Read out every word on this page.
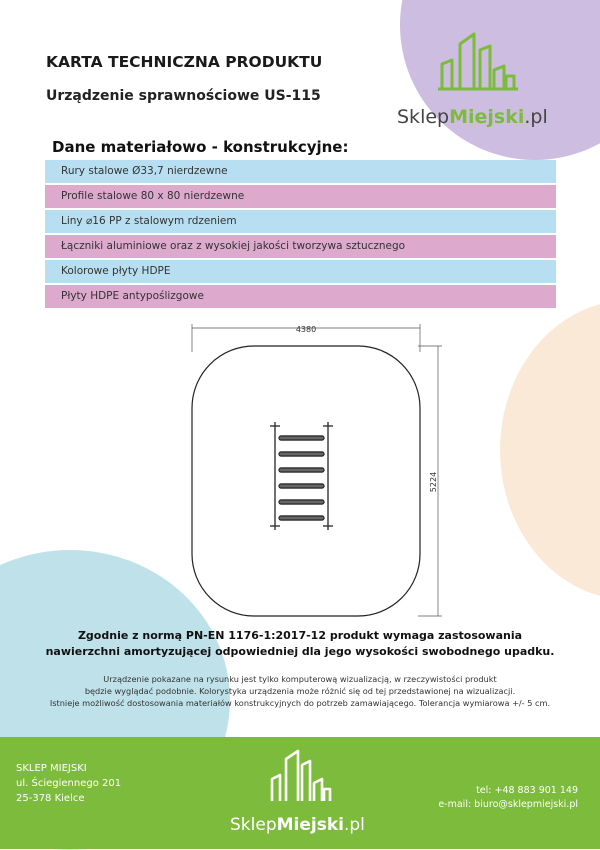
KARTA TECHNICZNA PRODUKTU
Urządzenie sprawnościowe US-115
SklepMiejski.pl
Dane materiałowo - konstrukcyjne:
Rury stalowe Ø33,7 nierdzewne
Profile stalowe 80 x 80 nierdzewne
Liny ⌀16 PP z stalowym rdzeniem
Łączniki aluminiowe oraz z wysokiej jakości tworzywa sztucznego
Kolorowe płyty HDPE
Płyty HDPE antypoślizgowe
4380
5224

Zgodnie z normą PN-EN 1176-1:2017-12 produkt wymaga zastosowania
nawierzchni amortyzującej odpowiedniej dla jego wysokości swobodnego upadku.

Urządzenie pokazane na rysunku jest tylko komputerową wizualizacją, w rzeczywistości produkt
będzie wyglądać podobnie. Kolorystyka urządzenia może różnić się od tej przedstawionej na wizualizacji.
Istnieje możliwość dostosowania materiałów konstrukcyjnych do potrzeb zamawiającego. Tolerancja wymiarowa +/- 5 cm.

SKLEP MIEJSKI
ul. Ściegiennego 201
25-378 Kielce
SklepMiejski.pl
tel: +48 883 901 149
e-mail: biuro@sklepmiejski.pl
